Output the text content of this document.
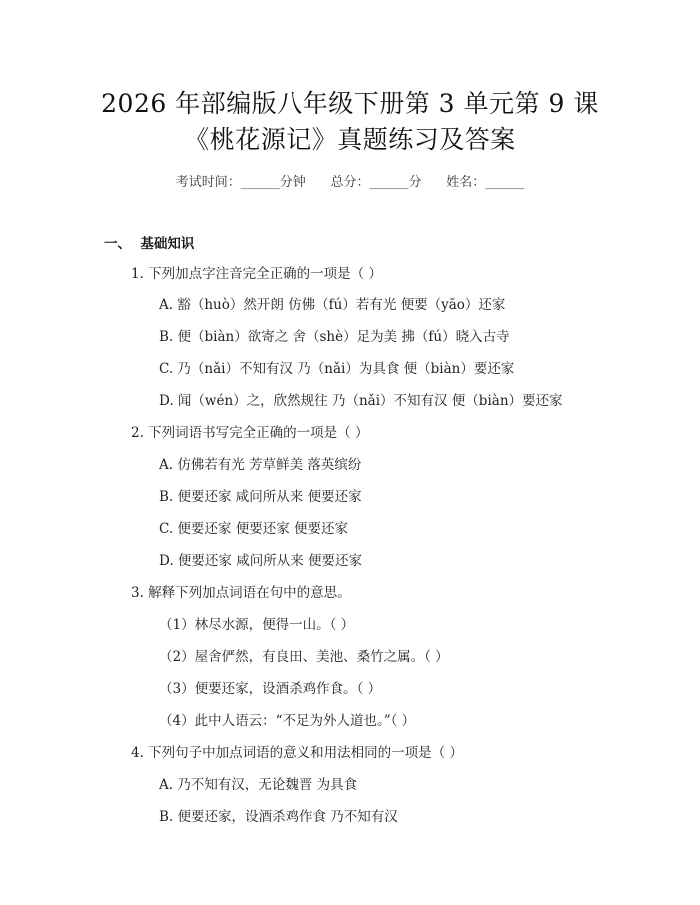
2026 年部编版八年级下册第 3 单元第 9 课
《桃花源记》真题练习及答案
考试时间：______分钟      总分：______分      姓名：______
一、  基础知识
1. 下列加点字注音完全正确的一项是（ ）
A. 豁（huò）然开朗 仿佛（fú）若有光 便要（yāo）还家
B. 便（biàn）欲寄之 舍（shè）足为美 拂（fú）晓入古寺
C. 乃（nǎi）不知有汉 乃（nǎi）为具食 便（biàn）要还家
D. 闻（wén）之，欣然规往 乃（nǎi）不知有汉 便（biàn）要还家
2. 下列词语书写完全正确的一项是（ ）
A. 仿佛若有光 芳草鲜美 落英缤纷
B. 便要还家 咸问所从来 便要还家
C. 便要还家 便要还家 便要还家
D. 便要还家 咸问所从来 便要还家
3. 解释下列加点词语在句中的意思。
（1）林尽水源，便得一山。（ ）
（2）屋舍俨然，有良田、美池、桑竹之属。（ ）
（3）便要还家，设酒杀鸡作食。（ ）
（4）此中人语云：“不足为外人道也。”（ ）
4. 下列句子中加点词语的意义和用法相同的一项是（ ）
A. 乃不知有汉，无论魏晋 为具食
B. 便要还家，设酒杀鸡作食 乃不知有汉
